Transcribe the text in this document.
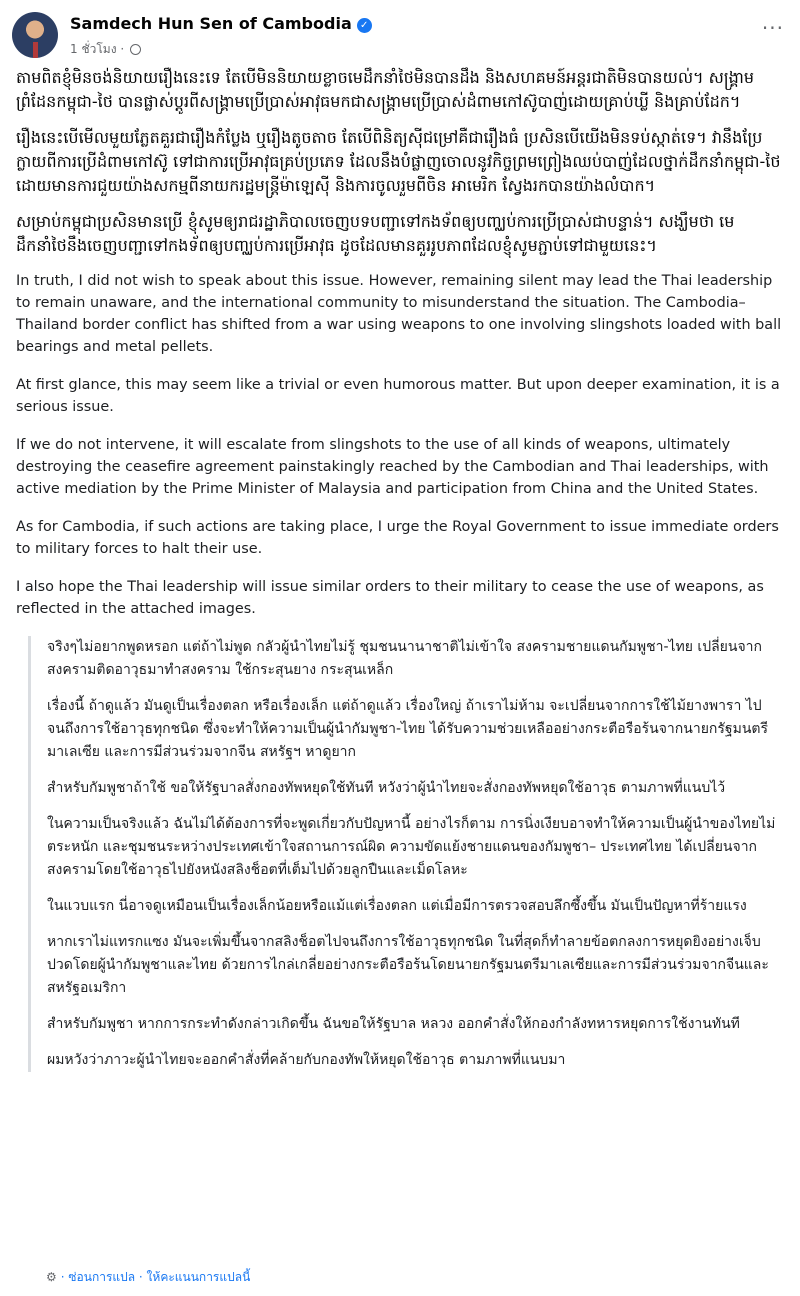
Samdech Hun Sen of Cambodia ✓
1 ชั่วโมง ·
···

តាមពិតខ្ញុំមិនចង់និយាយរឿងនេះទេ តែបើមិននិយាយខ្លាចមេដឹកនាំថៃមិនបានដឹង និងសហគមន៍អន្តរជាតិមិនបានយល់។ សង្គ្រាមព្រំដែនកម្ពុជា-ថៃ បានផ្លាស់ប្តូរពីសង្គ្រាមប្រើប្រាស់អាវុធមកជាសង្គ្រាមប្រើប្រាស់ដំពាមកៅស៊ូបាញ់ដោយគ្រាប់ឃ្លី និងគ្រាប់ដែក។

រឿងនេះបើមើលមួយភ្លែតគួរជារឿងកំប្លែង ឬរឿងតូចតាច តែបើពិនិត្យស៊ីជម្រៅគឺជារឿងធំ ប្រសិនបើយើងមិនទប់ស្កាត់ទេ។ វានឹងប្រែក្លាយពីការប្រើដំពាមកៅស៊ូ ទៅជាការប្រើអាវុធគ្រប់ប្រភេទ ដែលនឹងបំផ្លាញចោលនូវកិច្ចព្រមព្រៀងឈប់បាញ់ដែលថ្នាក់ដឹកនាំកម្ពុជា-ថៃ ដោយមានការជួយយ៉ាងសកម្មពីនាយករដ្ឋមន្ត្រីម៉ាឡេស៊ី និងការចូលរួមពីចិន អាមេរិក ស្វែងរកបានយ៉ាងលំបាក។

សម្រាប់កម្ពុជាប្រសិនមានប្រើ ខ្ញុំសូមឲ្យរាជរដ្ឋាភិបាលចេញបទបញ្ជាទៅកងទ័ពឲ្យបញ្ឈប់ការប្រើប្រាស់ជាបន្ទាន់។ សង្ឃឹមថា មេដឹកនាំថៃនឹងចេញបញ្ជាទៅកងទ័ពឲ្យបញ្ឈប់ការប្រើអាវុធ ដូចដែលមានគួររូបភាពដែលខ្ញុំសូមភ្ជាប់ទៅជាមួយនេះ។

In truth, I did not wish to speak about this issue. However, remaining silent may lead the Thai leadership to remain unaware, and the international community to misunderstand the situation. The Cambodia–Thailand border conflict has shifted from a war using weapons to one involving slingshots loaded with ball bearings and metal pellets.

At first glance, this may seem like a trivial or even humorous matter. But upon deeper examination, it is a serious issue.

If we do not intervene, it will escalate from slingshots to the use of all kinds of weapons, ultimately destroying the ceasefire agreement painstakingly reached by the Cambodian and Thai leaderships, with active mediation by the Prime Minister of Malaysia and participation from China and the United States.

As for Cambodia, if such actions are taking place, I urge the Royal Government to issue immediate orders to military forces to halt their use.

I also hope the Thai leadership will issue similar orders to their military to cease the use of weapons, as reflected in the attached images.

จริงๆไม่อยากพูดหรอก แต่ถ้าไม่พูด กลัวผู้นำไทยไม่รู้ ชุมชนนานาชาติไม่เข้าใจ สงครามชายแดนกัมพูชา-ไทย เปลี่ยนจากสงครามติดอาวุธมาทำสงคราม ใช้กระสุนยาง กระสุนเหล็ก

เรื่องนี้ ถ้าดูแล้ว มันดูเป็นเรื่องตลก หรือเรื่องเล็ก แต่ถ้าดูแล้ว เรื่องใหญ่ ถ้าเราไม่ห้าม จะเปลี่ยนจากการใช้ไม้ยางพารา ไปจนถึงการใช้อาวุธทุกชนิด ซึ่งจะทำให้ความเป็นผู้นำกัมพูชา-ไทย ได้รับความช่วยเหลืออย่างกระตือรือร้นจากนายกรัฐมนตรีมาเลเซีย และการมีส่วนร่วมจากจีน สหรัฐฯ หาดูยาก

สำหรับกัมพูชาถ้าใช้ ขอให้รัฐบาลสั่งกองทัพหยุดใช้ทันที หวังว่าผู้นำไทยจะสั่งกองทัพหยุดใช้อาวุธ ตามภาพที่แนบไว้

ในความเป็นจริงแล้ว ฉันไม่ได้ต้องการที่จะพูดเกี่ยวกับปัญหานี้ อย่างไรก็ตาม การนิ่งเงียบอาจทำให้ความเป็นผู้นำของไทยไม่ตระหนัก และชุมชนระหว่างประเทศเข้าใจสถานการณ์ผิด ความขัดแย้งชายแดนของกัมพูชา– ประเทศไทย ได้เปลี่ยนจากสงครามโดยใช้อาวุธไปยังหนังสลิงช็อตที่เต็มไปด้วยลูกปืนและเม็ดโลหะ

ในแวบแรก นี่อาจดูเหมือนเป็นเรื่องเล็กน้อยหรือแม้แต่เรื่องตลก แต่เมื่อมีการตรวจสอบลึกซึ้งขึ้น มันเป็นปัญหาที่ร้ายแรง

หากเราไม่แทรกแซง มันจะเพิ่มขึ้นจากสลิงช็อตไปจนถึงการใช้อาวุธทุกชนิด ในที่สุดก็ทำลายข้อตกลงการหยุดยิงอย่างเจ็บปวดโดยผู้นำกัมพูชาและไทย ด้วยการไกล่เกลี่ยอย่างกระตือรือร้นโดยนายกรัฐมนตรีมาเลเซียและการมีส่วนร่วมจากจีนและสหรัฐอเมริกา

สำหรับกัมพูชา หากการกระทำดังกล่าวเกิดขึ้น ฉันขอให้รัฐบาล หลวง ออกคำสั่งให้กองกำลังทหารหยุดการใช้งานทันที

ผมหวังว่าภาวะผู้นำไทยจะออกคำสั่งที่คล้ายกับกองทัพให้หยุดใช้อาวุธ ตามภาพที่แนบมา

⚙ · ซ่อนการแปล · ให้คะแนนการแปลนี้
